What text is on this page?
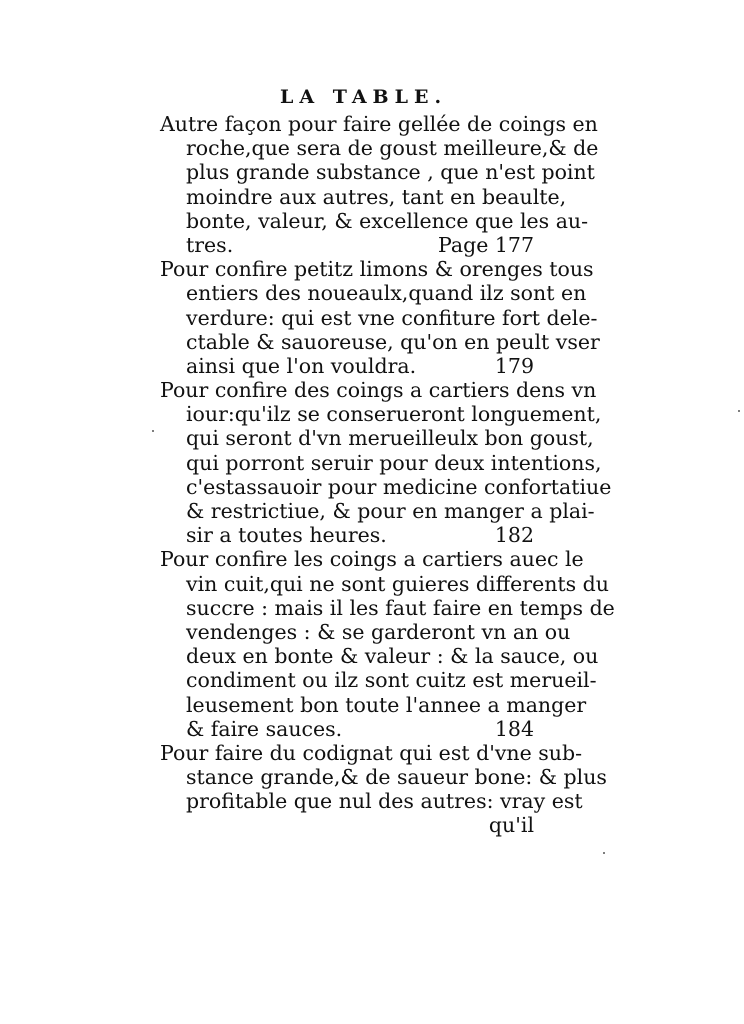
LA TABLE.
Autre façon pour faire gellée de coings en
roche,que sera de goust meilleure,& de
plus grande substance , que n'est point
moindre aux autres, tant en beaulte,
bonte, valeur, & excellence que les au-
tres.	Page 177
Pour confire petitz limons & orenges tous
entiers des noueaulx,quand ilz sont en
verdure: qui est vne confiture fort dele-
ctable & sauoreuse, qu'on en peult vser
ainsi que l'on vouldra.	179
Pour confire des coings a cartiers dens vn
iour:qu'ilz se conserueront longuement,
qui seront d'vn merueilleulx bon goust,
qui porront seruir pour deux intentions,
c'estassauoir pour medicine confortatiue
& restrictiue, & pour en manger a plai-
sir a toutes heures.	182
Pour confire les coings a cartiers auec le
vin cuit,qui ne sont guieres differents du
succre : mais il les faut faire en temps de
vendenges : & se garderont vn an ou
deux en bonte & valeur : & la sauce, ou
condiment ou ilz sont cuitz est merueil-
leusement bon toute l'annee a manger
& faire sauces.	184
Pour faire du codignat qui est d'vne sub-
stance grande,& de saueur bone: & plus
profitable que nul des autres: vray est
qu'il
